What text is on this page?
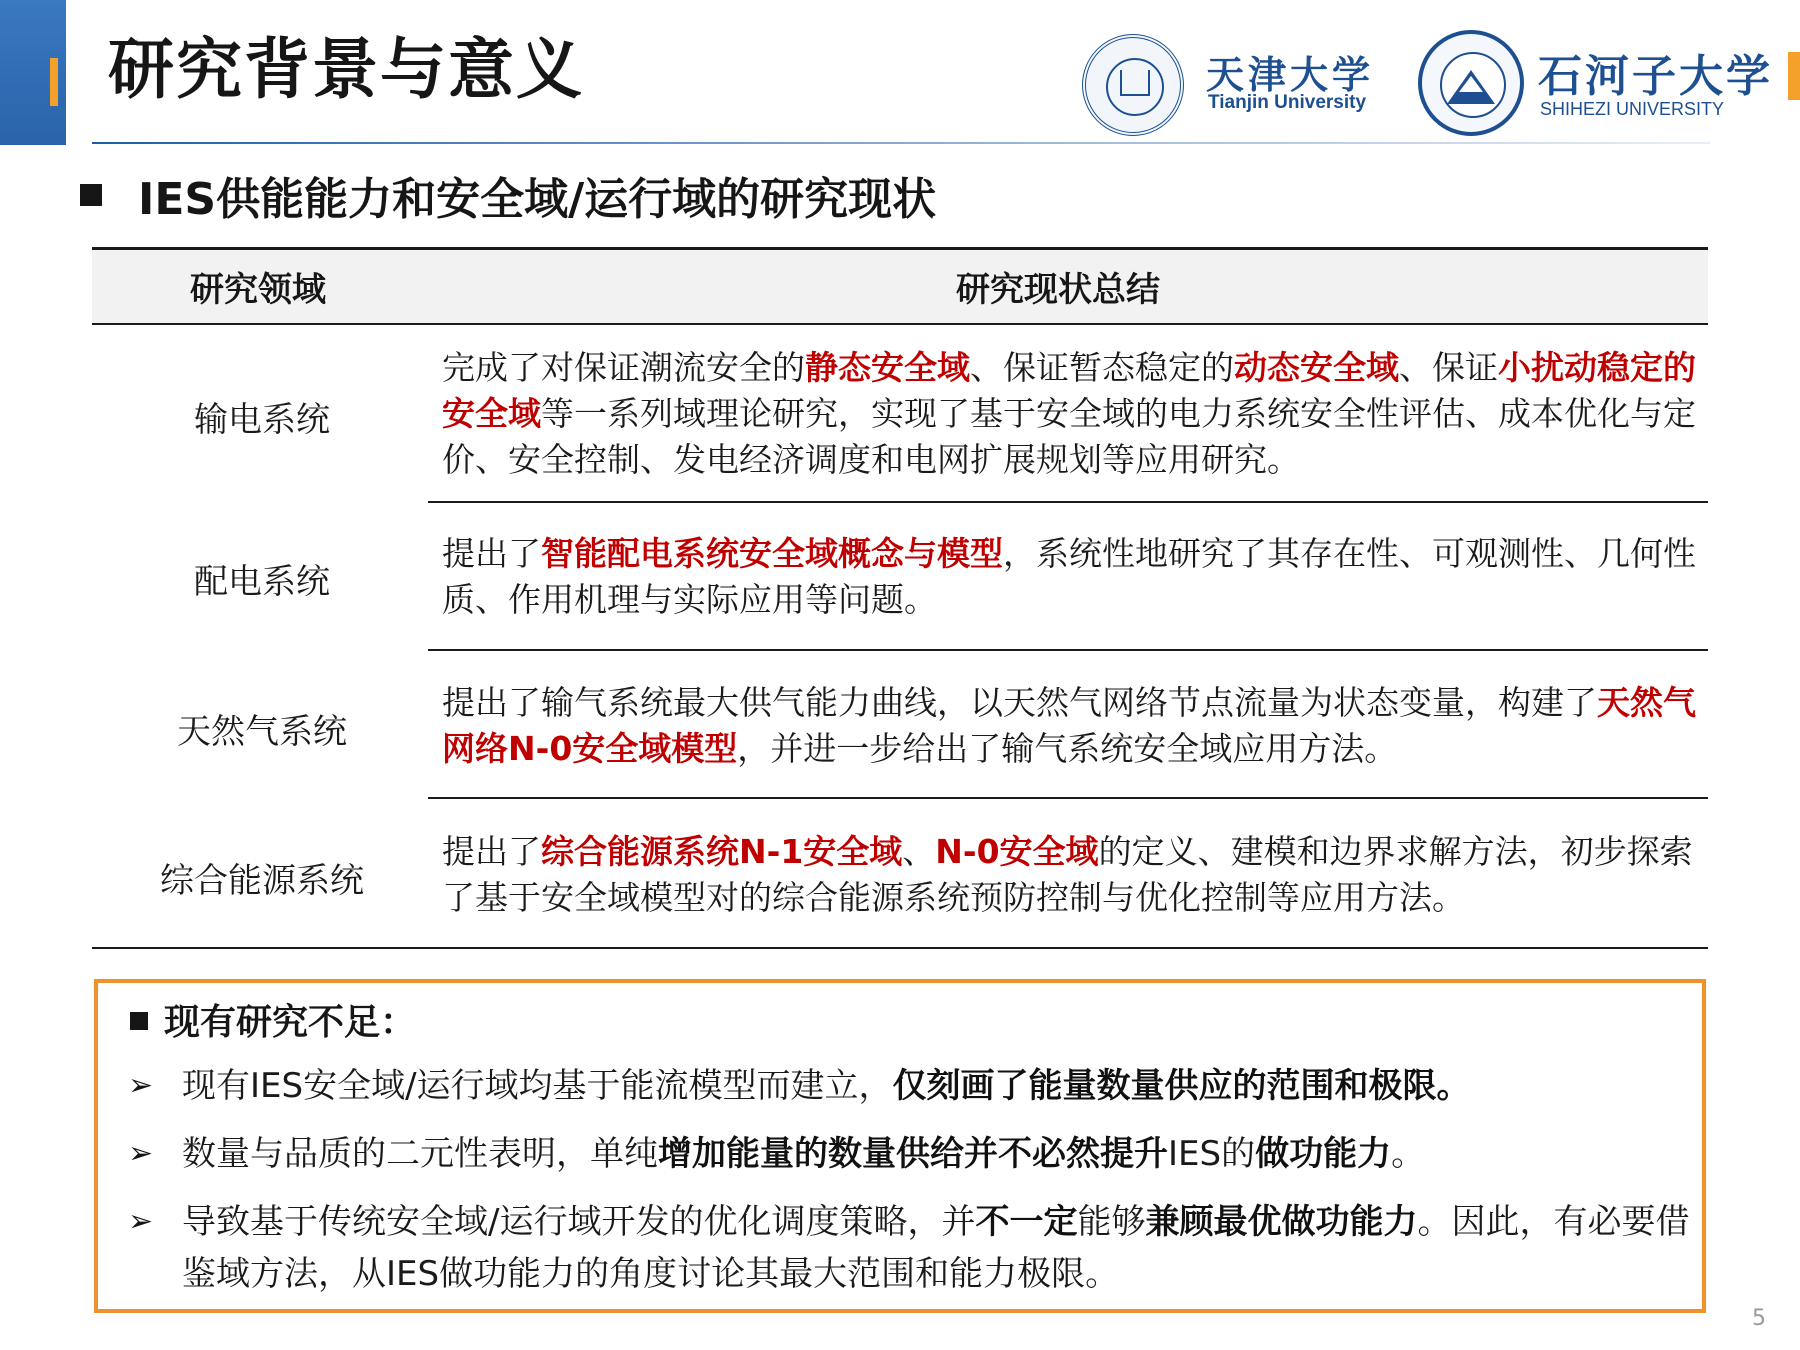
研究背景与意义	天津大学
Tianjin University
石河子大学
SHIHEZI UNIVERSITY
IES供能能力和安全域/运行域的研究现状
研究领域	研究现状总结
输电系统
完成了对保证潮流安全的静态安全域、保证暂态稳定的动态安全域、保证小扰动稳定的安全域等一系列域理论研究，实现了基于安全域的电力系统安全性评估、成本优化与定价、安全控制、发电经济调度和电网扩展规划等应用研究。
配电系统
提出了智能配电系统安全域概念与模型，系统性地研究了其存在性、可观测性、几何性质、作用机理与实际应用等问题。
天然气系统
提出了输气系统最大供气能力曲线，以天然气网络节点流量为状态变量，构建了天然气网络N-0安全域模型，并进一步给出了输气系统安全域应用方法。
综合能源系统
提出了综合能源系统N-1安全域、N-0安全域的定义、建模和边界求解方法，初步探索了基于安全域模型对的综合能源系统预防控制与优化控制等应用方法。
现有研究不足：
➢ 现有IES安全域/运行域均基于能流模型而建立，仅刻画了能量数量供应的范围和极限。
➢ 数量与品质的二元性表明，单纯增加能量的数量供给并不必然提升IES的做功能力。
➢ 导致基于传统安全域/运行域开发的优化调度策略，并不一定能够兼顾最优做功能力。因此，有必要借鉴域方法，从IES做功能力的角度讨论其最大范围和能力极限。
5
